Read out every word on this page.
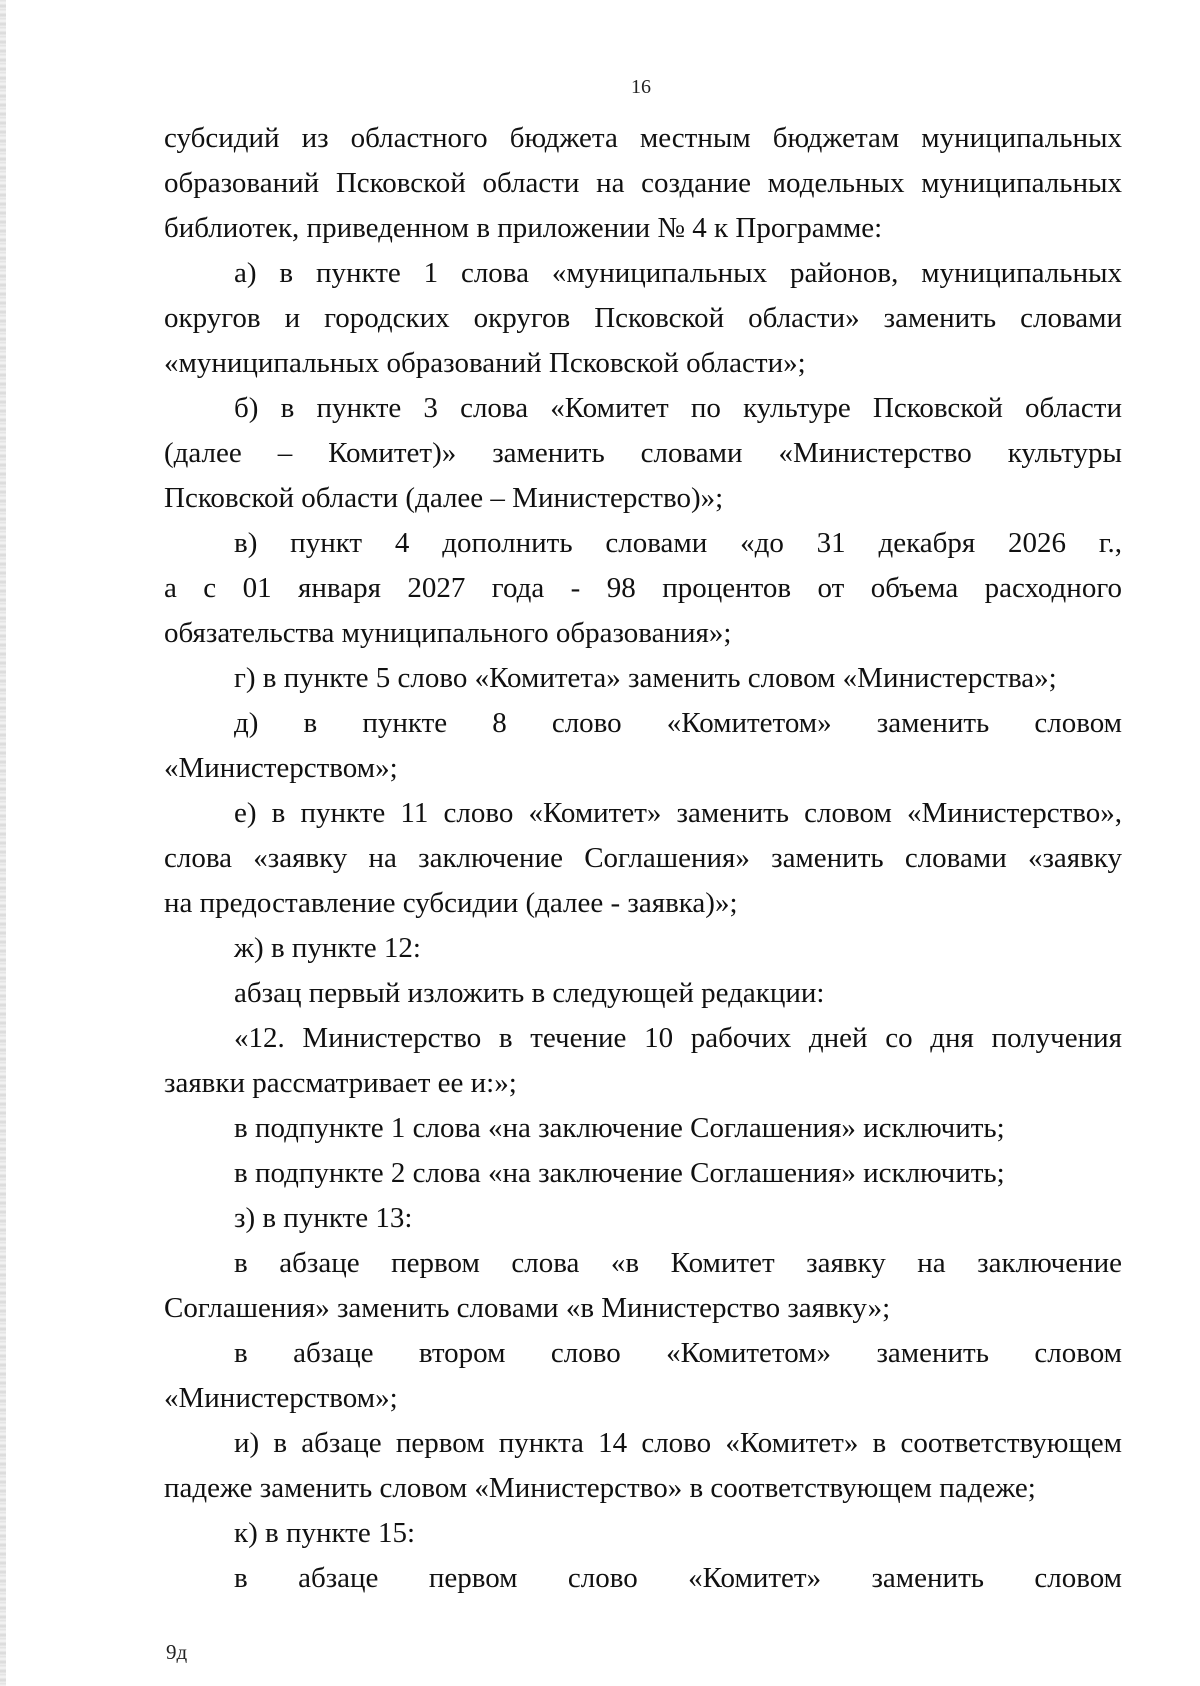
16
субсидий из областного бюджета местным бюджетам муниципальных
образований Псковской области на создание модельных муниципальных
библиотек, приведенном в приложении № 4 к Программе:
а) в пункте 1 слова «муниципальных районов, муниципальных
округов и городских округов Псковской области» заменить словами
«муниципальных образований Псковской области»;
б) в пункте 3 слова «Комитет по культуре Псковской области
(далее – Комитет)» заменить словами «Министерство культуры
Псковской области (далее – Министерство)»;
в) пункт 4 дополнить словами «до 31 декабря 2026 г.,
а с 01 января 2027 года - 98 процентов от объема расходного
обязательства муниципального образования»;
г) в пункте 5 слово «Комитета» заменить словом «Министерства»;
д) в пункте 8 слово «Комитетом» заменить словом
«Министерством»;
е) в пункте 11 слово «Комитет» заменить словом «Министерство»,
слова «заявку на заключение Соглашения» заменить словами «заявку
на предоставление субсидии (далее - заявка)»;
ж) в пункте 12:
абзац первый изложить в следующей редакции:
«12. Министерство в течение 10 рабочих дней со дня получения
заявки рассматривает ее и:»;
в подпункте 1 слова «на заключение Соглашения» исключить;
в подпункте 2 слова «на заключение Соглашения» исключить;
з) в пункте 13:
в абзаце первом слова «в Комитет заявку на заключение
Соглашения» заменить словами «в Министерство заявку»;
в абзаце втором слово «Комитетом» заменить словом
«Министерством»;
и) в абзаце первом пункта 14 слово «Комитет» в соответствующем
падеже заменить словом «Министерство» в соответствующем падеже;
к) в пункте 15:
в абзаце первом слово «Комитет» заменить словом
9д
